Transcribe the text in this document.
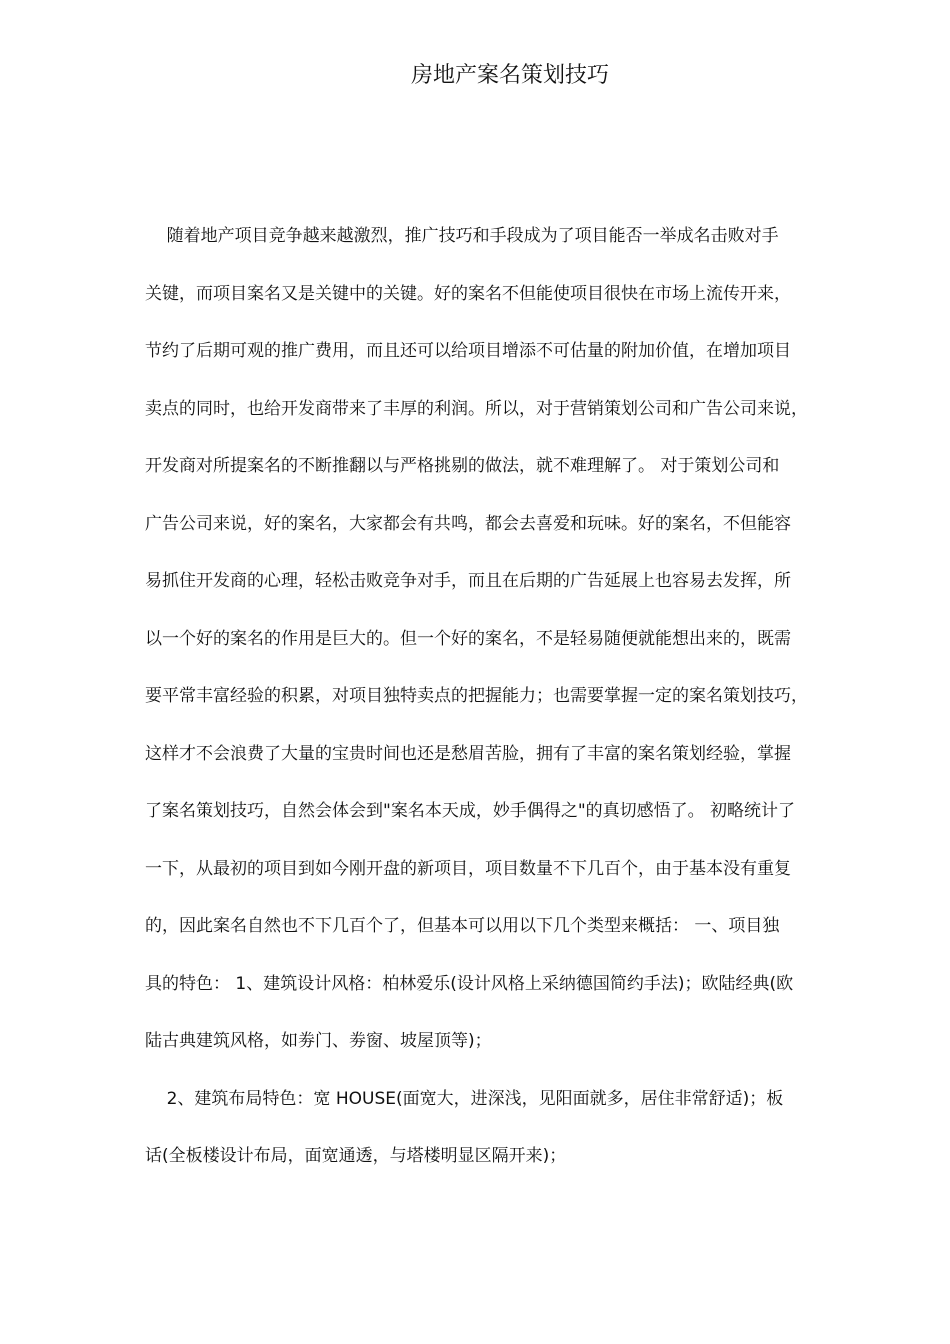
房地产案名策划技巧
随着地产项目竞争越来越激烈，推广技巧和手段成为了项目能否一举成名击败对手
关键，而项目案名又是关键中的关键。好的案名不但能使项目很快在市场上流传开来，
节约了后期可观的推广费用，而且还可以给项目增添不可估量的附加价值，在增加项目
卖点的同时，也给开发商带来了丰厚的利润。所以，对于营销策划公司和广告公司来说，
开发商对所提案名的不断推翻以与严格挑剔的做法，就不难理解了。 对于策划公司和
广告公司来说，好的案名，大家都会有共鸣，都会去喜爱和玩味。好的案名，不但能容
易抓住开发商的心理，轻松击败竞争对手，而且在后期的广告延展上也容易去发挥，所
以一个好的案名的作用是巨大的。但一个好的案名，不是轻易随便就能想出来的，既需
要平常丰富经验的积累，对项目独特卖点的把握能力；也需要掌握一定的案名策划技巧，
这样才不会浪费了大量的宝贵时间也还是愁眉苦脸，拥有了丰富的案名策划经验，掌握
了案名策划技巧，自然会体会到"案名本天成，妙手偶得之"的真切感悟了。 初略统计了
一下，从最初的项目到如今刚开盘的新项目，项目数量不下几百个，由于基本没有重复
的，因此案名自然也不下几百个了，但基本可以用以下几个类型来概括： 一、项目独
具的特色： 1、建筑设计风格：柏林爱乐(设计风格上采纳德国简约手法)；欧陆经典(欧
陆古典建筑风格，如劵门、劵窗、坡屋顶等)；
2、建筑布局特色：宽 HOUSE(面宽大，进深浅，见阳面就多，居住非常舒适)；板
话(全板楼设计布局，面宽通透，与塔楼明显区隔开来)；
